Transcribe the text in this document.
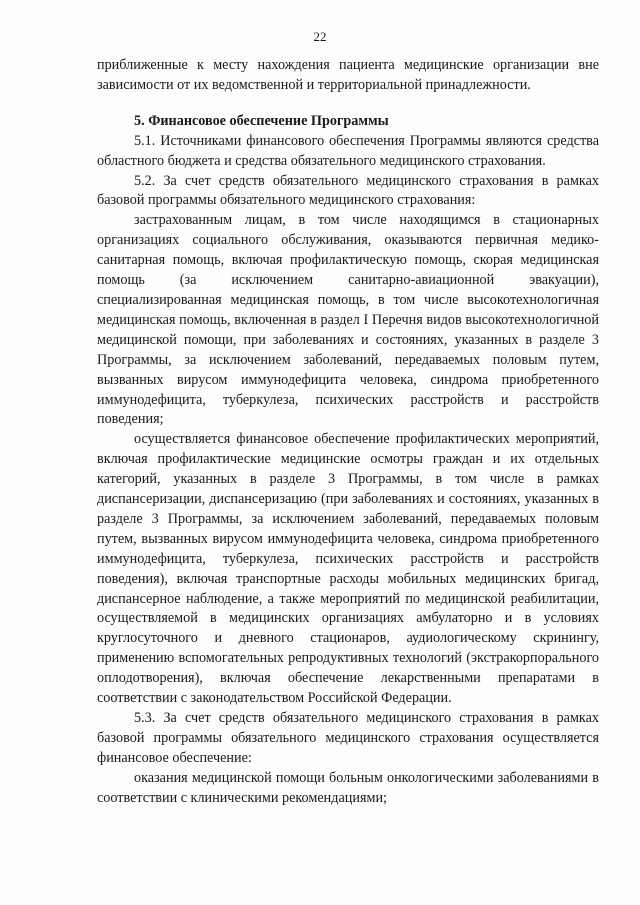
22

приближенные к месту нахождения пациента медицинские организации вне зависимости от их ведомственной и территориальной принадлежности.

5. Финансовое обеспечение Программы

5.1. Источниками финансового обеспечения Программы являются средства областного бюджета и средства обязательного медицинского страхования.

5.2. За счет средств обязательного медицинского страхования в рамках базовой программы обязательного медицинского страхования:

застрахованным лицам, в том числе находящимся в стационарных организациях социального обслуживания, оказываются первичная медико-санитарная помощь, включая профилактическую помощь, скорая медицинская помощь (за исключением санитарно-авиационной эвакуации), специализированная медицинская помощь, в том числе высокотехнологичная медицинская помощь, включенная в раздел I Перечня видов высокотехнологичной медицинской помощи, при заболеваниях и состояниях, указанных в разделе 3 Программы, за исключением заболеваний, передаваемых половым путем, вызванных вирусом иммунодефицита человека, синдрома приобретенного иммунодефицита, туберкулеза, психических расстройств и расстройств поведения;

осуществляется финансовое обеспечение профилактических мероприятий, включая профилактические медицинские осмотры граждан и их отдельных категорий, указанных в разделе 3 Программы, в том числе в рамках диспансеризации, диспансеризацию (при заболеваниях и состояниях, указанных в разделе 3 Программы, за исключением заболеваний, передаваемых половым путем, вызванных вирусом иммунодефицита человека, синдрома приобретенного иммунодефицита, туберкулеза, психических расстройств и расстройств поведения), включая транспортные расходы мобильных медицинских бригад, диспансерное наблюдение, а также мероприятий по медицинской реабилитации, осуществляемой в медицинских организациях амбулаторно и в условиях круглосуточного и дневного стационаров, аудиологическому скринингу, применению вспомогательных репродуктивных технологий (экстракорпорального оплодотворения), включая обеспечение лекарственными препаратами в соответствии с законодательством Российской Федерации.

5.3. За счет средств обязательного медицинского страхования в рамках базовой программы обязательного медицинского страхования осуществляется финансовое обеспечение:

оказания медицинской помощи больным онкологическими заболеваниями в соответствии с клиническими рекомендациями;
